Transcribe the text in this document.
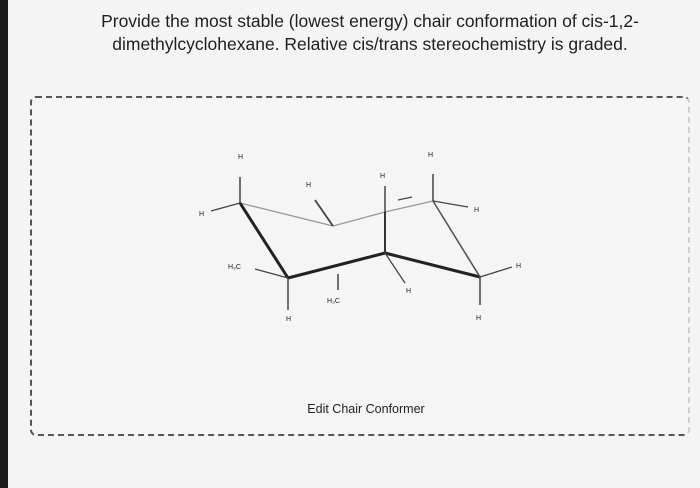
Provide the most stable (lowest energy) chair conformation of cis-1,2-
dimethylcyclohexane. Relative cis/trans stereochemistry is graded.
H
H
H₃C
H
H
H₃C
H
H
H
H
H
H
Edit Chair Conformer
